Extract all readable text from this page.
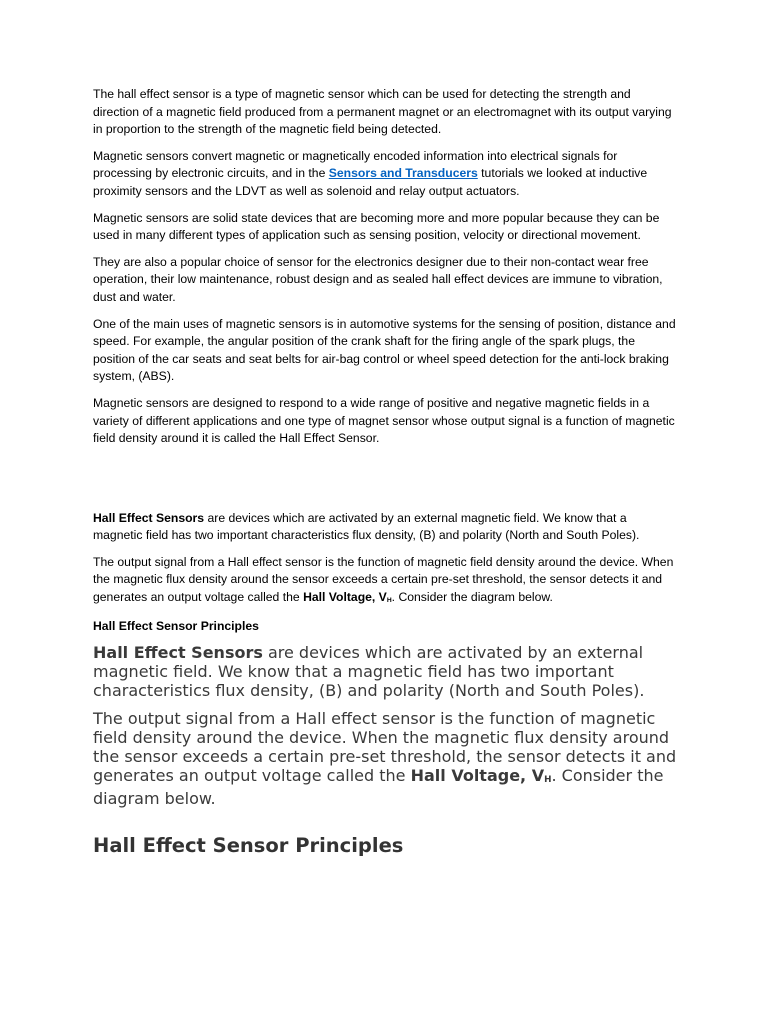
The hall effect sensor is a type of magnetic sensor which can be used for detecting the strength and direction of a magnetic field produced from a permanent magnet or an electromagnet with its output varying in proportion to the strength of the magnetic field being detected.

Magnetic sensors convert magnetic or magnetically encoded information into electrical signals for processing by electronic circuits, and in the Sensors and Transducers tutorials we looked at inductive proximity sensors and the LDVT as well as solenoid and relay output actuators.

Magnetic sensors are solid state devices that are becoming more and more popular because they can be used in many different types of application such as sensing position, velocity or directional movement.

They are also a popular choice of sensor for the electronics designer due to their non-contact wear free operation, their low maintenance, robust design and as sealed hall effect devices are immune to vibration, dust and water.

One of the main uses of magnetic sensors is in automotive systems for the sensing of position, distance and speed. For example, the angular position of the crank shaft for the firing angle of the spark plugs, the position of the car seats and seat belts for air-bag control or wheel speed detection for the anti-lock braking system, (ABS).

Magnetic sensors are designed to respond to a wide range of positive and negative magnetic fields in a variety of different applications and one type of magnet sensor whose output signal is a function of magnetic field density around it is called the Hall Effect Sensor.

Hall Effect Sensors are devices which are activated by an external magnetic field. We know that a magnetic field has two important characteristics flux density, (B) and polarity (North and South Poles).

The output signal from a Hall effect sensor is the function of magnetic field density around the device. When the magnetic flux density around the sensor exceeds a certain pre-set threshold, the sensor detects it and generates an output voltage called the Hall Voltage, $V_H$. Consider the diagram below.

Hall Effect Sensor Principles

Hall Effect Sensors are devices which are activated by an external magnetic field. We know that a magnetic field has two important characteristics flux density, (B) and polarity (North and South Poles).

The output signal from a Hall effect sensor is the function of magnetic field density around the device. When the magnetic flux density around the sensor exceeds a certain pre-set threshold, the sensor detects it and generates an output voltage called the Hall Voltage, $V_H$. Consider the diagram below.

Hall Effect Sensor Principles
